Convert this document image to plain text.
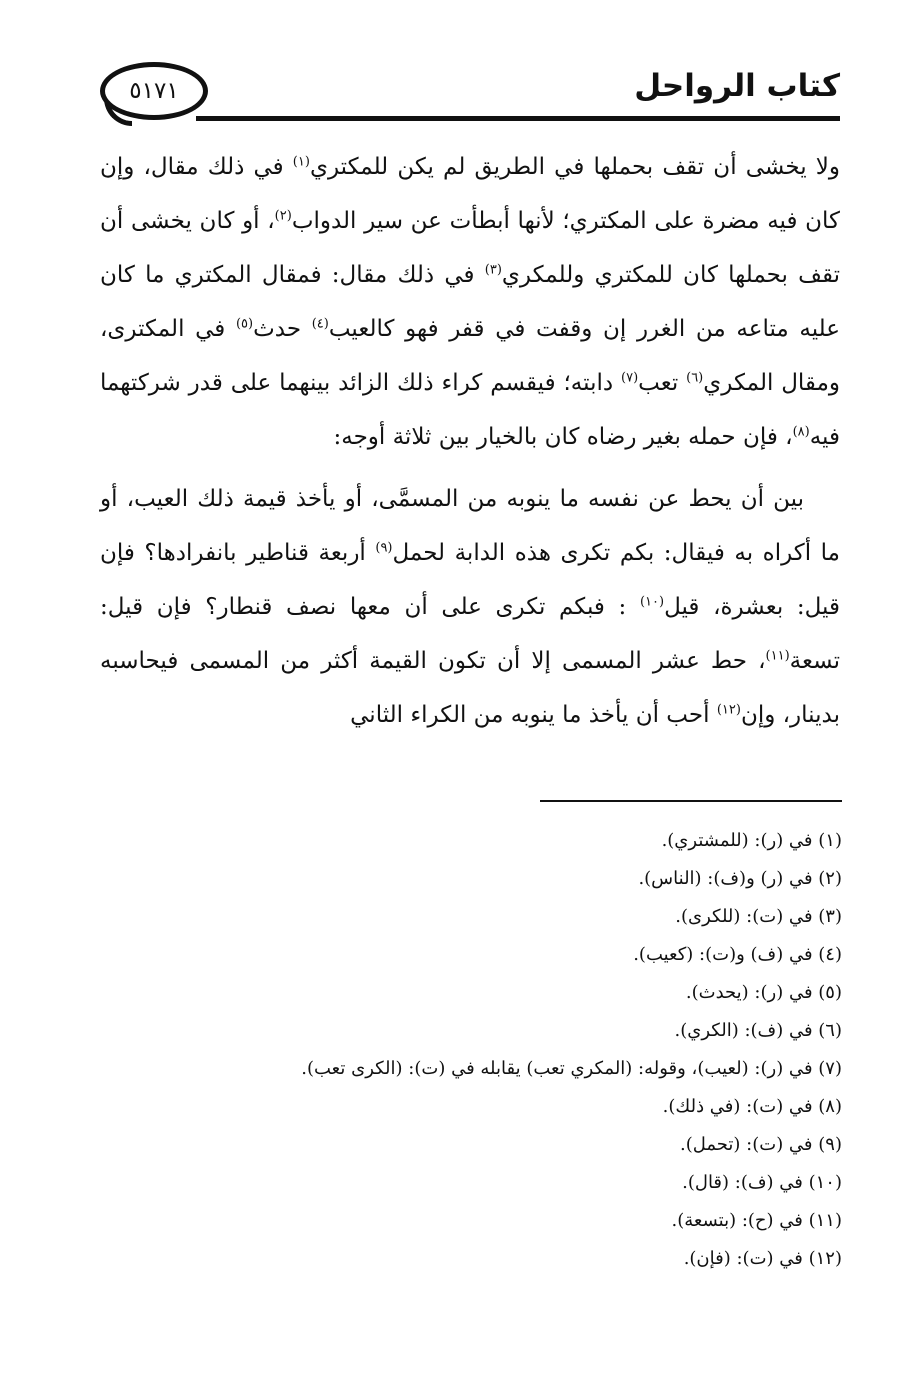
٥١٧١	كتاب الرواحل

ولا يخشى أن تقف بحملها في الطريق لم يكن للمكتري$^{(١)}$ في ذلك مقال، وإن كان فيه مضرة على المكتري؛ لأنها أبطأت عن سير الدواب$^{(٢)}$، أو كان يخشى أن تقف بحملها كان للمكتري وللمكري$^{(٣)}$ في ذلك مقال: فمقال المكتري ما كان عليه متاعه من الغرر إن وقفت في قفر فهو كالعيب$^{(٤)}$ حدث$^{(٥)}$ في المكترى، ومقال المكري$^{(٦)}$ تعب$^{(٧)}$ دابته؛ فيقسم كراء ذلك الزائد بينهما على قدر شركتهما فيه$^{(٨)}$، فإن حمله بغير رضاه كان بالخيار بين ثلاثة أوجه:

بين أن يحط عن نفسه ما ينوبه من المسمَّى، أو يأخذ قيمة ذلك العيب، أو ما أكراه به فيقال: بكم تكرى هذه الدابة لحمل$^{(٩)}$ أربعة قناطير بانفرادها؟ فإن قيل: بعشرة، قيل$^{(١٠)}$ : فبكم تكرى على أن معها نصف قنطار؟ فإن قيل: تسعة$^{(١١)}$، حط عشر المسمى إلا أن تكون القيمة أكثر من المسمى فيحاسبه بدينار، وإن$^{(١٢)}$ أحب أن يأخذ ما ينوبه من الكراء الثاني

(١) في (ر): (للمشتري).
(٢) في (ر) و(ف): (الناس).
(٣) في (ت): (للكرى).
(٤) في (ف) و(ت): (كعيب).
(٥) في (ر): (يحدث).
(٦) في (ف): (الكري).
(٧) في (ر): (لعيب)، وقوله: (المكري تعب) يقابله في (ت): (الكرى تعب).
(٨) في (ت): (في ذلك).
(٩) في (ت): (تحمل).
(١٠) في (ف): (قال).
(١١) في (ح): (بتسعة).
(١٢) في (ت): (فإن).
